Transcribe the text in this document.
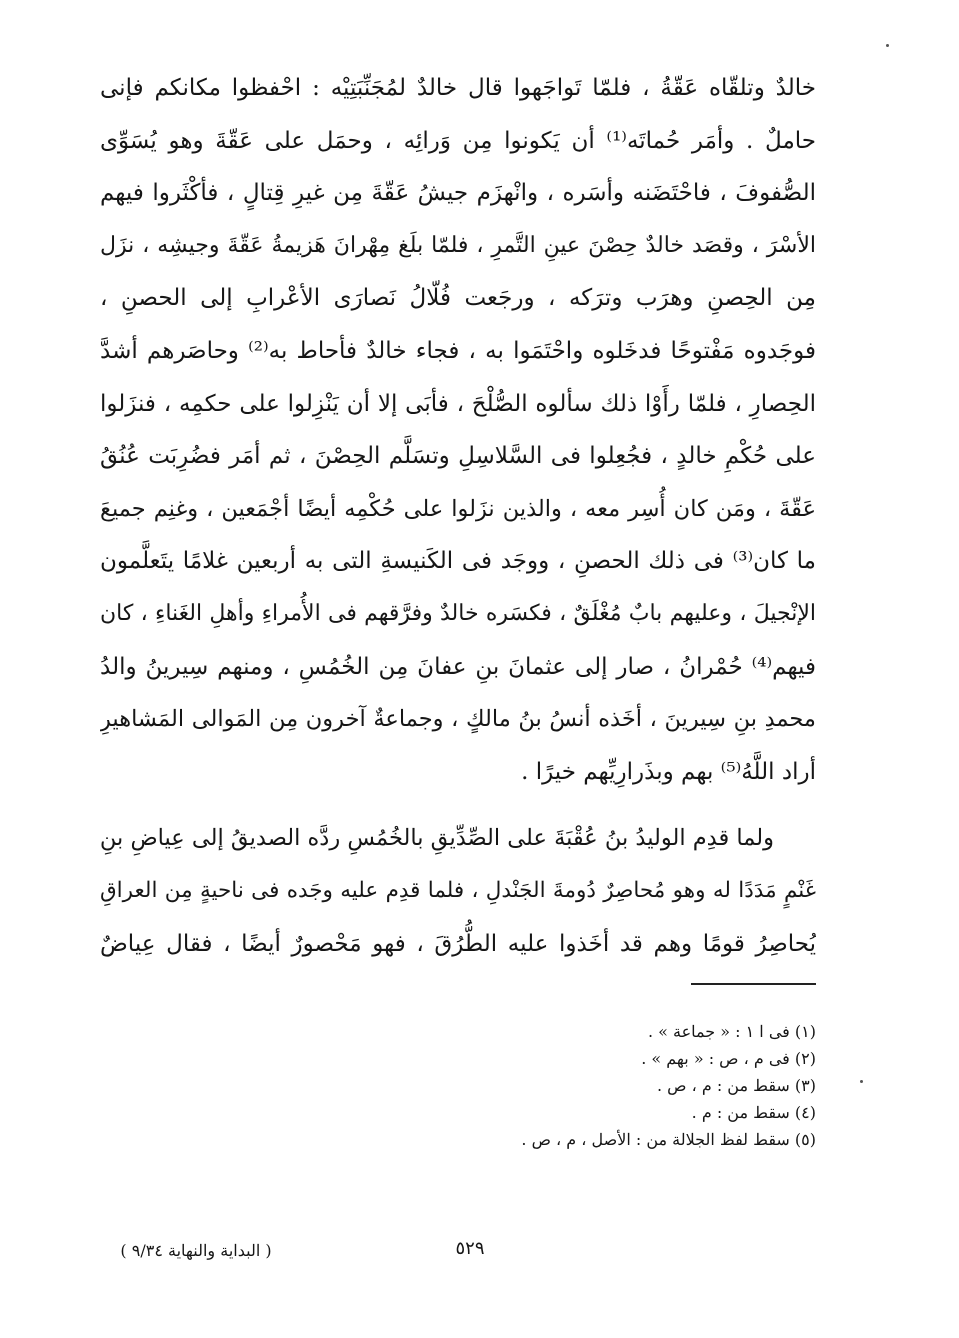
خالدٌ وتلقّاه عَقّةُ ، فلمّا تَواجَهوا قال خالدٌ لمُجَنِّبَتِيْه : احْفظوا مكانكم فإنى
حاملٌ . وأمَر حُماتَه⁽¹⁾ أن يَكونوا مِن وَرائِه ، وحمَل على عَقّةَ وهو يُسَوِّى
الصُّفوفَ ، فاحْتَضَنه وأسَره ، وانْهزَم جيشُ عَقّةَ مِن غيرِ قِتالٍ ، فأكْثَروا فيهم
الأسْرَ ، وقصَد خالدٌ حِصْنَ عينِ التَّمرِ ، فلمّا بلَغ مِهْرانَ هَزيمةُ عَقّةَ وجيشِه ، نزَل
مِن الحِصنِ وهرَب وترَكه ، ورجَعت فُلّالُ نَصارَى الأعْرابِ إلى الحصنِ ،
فوجَدوه مَفْتوحًا فدخَلوه واحْتَمَوا به ، فجاء خالدٌ فأحاط به⁽²⁾ وحاصَرهم أشدَّ
الحِصارِ ، فلمّا رأَوْا ذلك سألوه الصُّلْحَ ، فأبَى إلا أن يَنْزِلوا على حكمِه ، فنزَلوا
على حُكْمِ خالدٍ ، فجُعِلوا فى السَّلاسِلِ وتسَلَّم الحِصْنَ ، ثم أمَر فضُرِبَت عُنُقُ
عَقّةَ ، ومَن كان أُسِر معه ، والذين نزَلوا على حُكْمِه أيضًا أجْمَعين ، وغنِم جميعَ
ما كان⁽³⁾ فى ذلك الحصنِ ، ووجَد فى الكَنيسةِ التى به أربعين غلامًا يتَعلَّمون
الإنْجيلَ ، وعليهم بابٌ مُغْلَقٌ ، فكسَره خالدٌ وفرَّقهم فى الأُمراءِ وأهلِ الغَناءِ ، كان
فيهم⁽⁴⁾ حُمْرانُ ، صار إلى عثمانَ بنِ عفانَ مِن الخُمُسِ ، ومنهم سِيرينُ والدُ
محمدِ بنِ سِيرينَ ، أخَذه أنسُ بنُ مالكٍ ، وجماعةٌ آخرون مِن المَوالى المَشاهيرِ
أراد اللَّهُ⁽⁵⁾ بهم وبذَرارِيِّهم خيرًا .
ولما قدِم الوليدُ بنُ عُقْبَةَ على الصِّدِّيقِ بالخُمُسِ ردَّه الصديقُ إلى عِياضِ بنِ
غَنْمٍ مَدَدًا له وهو مُحاصِرٌ دُومةَ الجَنْدلِ ، فلما قدِم عليه وجَده فى ناحيةٍ مِن العراقِ
يُحاصِرُ قومًا وهم قد أخَذوا عليه الطُّرُقَ ، فهو مَحْصورٌ أيضًا ، فقال عِياضٌ
(١) فى ا ١ : « جماعة » .
(٢) فى م ، ص : « بهم » .
(٣) سقط من : م ، ص .
(٤) سقط من : م .
(٥) سقط لفظ الجلالة من : الأصل ، م ، ص .
٥٢٩
( البداية والنهاية ٩/٣٤ )
